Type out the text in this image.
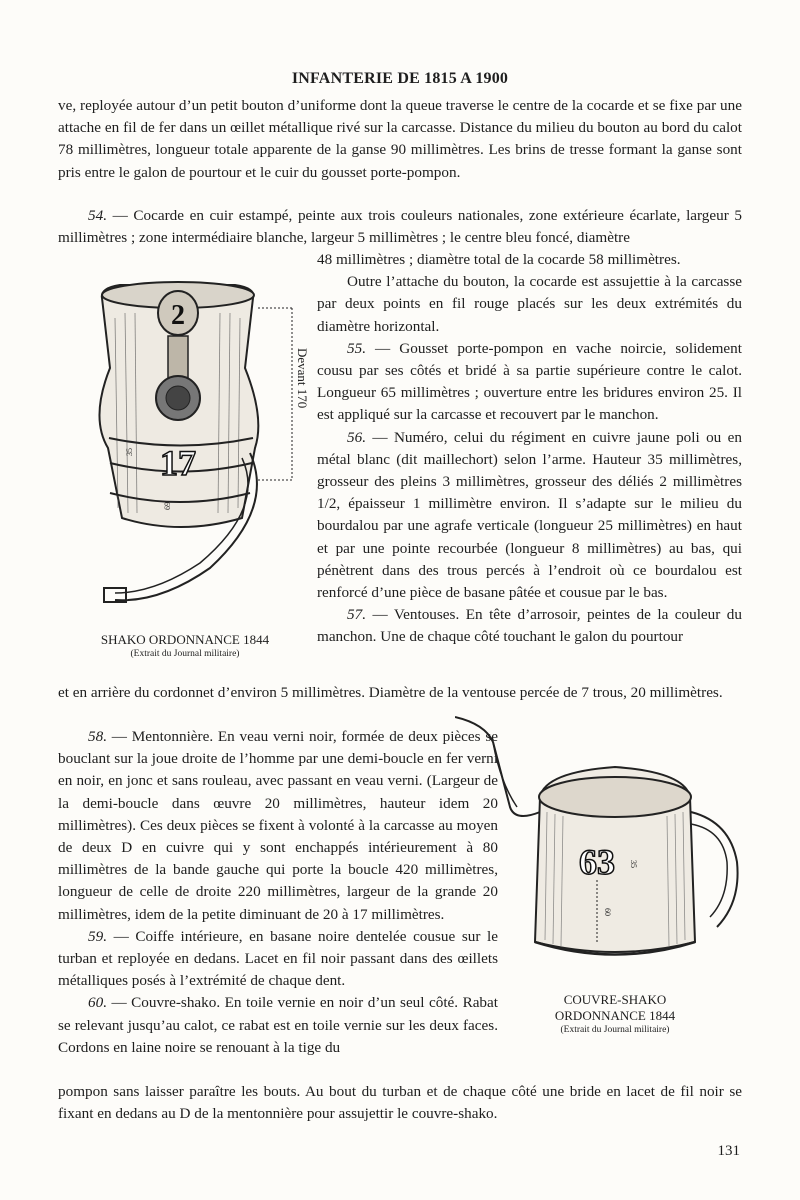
INFANTERIE DE 1815 A 1900

ve, reployée autour d’un petit bouton d’uniforme dont la queue traverse le centre de la cocarde et se fixe par une attache en fil de fer dans un œillet métallique rivé sur la carcasse. Distance du milieu du bouton au bord du calot 78 millimètres, longueur totale apparente de la ganse 90 millimètres. Les brins de tresse formant la ganse sont pris entre le galon de pourtour et le cuir du gousset porte-pompon.

54. — Cocarde en cuir estampé, peinte aux trois couleurs nationales, zone extérieure écarlate, largeur 5 millimètres ; zone intermédiaire blanche, largeur 5 millimètres ; le centre bleu foncé, diamètre

48 millimètres ; diamètre total de la cocarde 58 millimètres.

Outre l’attache du bouton, la cocarde est assujettie à la carcasse par deux points en fil rouge placés sur les deux extrémités du diamètre horizontal.

55. — Gousset porte-pompon en vache noircie, solidement cousu par ses côtés et bridé à sa partie supérieure contre le calot. Longueur 65 millimètres ; ouverture entre les bridures environ 25. Il est appliqué sur la carcasse et recouvert par le manchon.

56. — Numéro, celui du régiment en cuivre jaune poli ou en métal blanc (dit maillechort) selon l’arme. Hauteur 35 millimètres, grosseur des pleins 3 millimètres, grosseur des déliés 2 millimètres 1/2, épaisseur 1 millimètre environ. Il s’adapte sur le milieu du bourdalou par une agrafe verticale (longueur 25 millimètres) en haut et par une pointe recourbée (longueur 8 millimètres) au bas, qui pénètrent dans des trous percés à l’endroit où ce bourdalou est renforcé d’une pièce de basane pâtée et cousue par le bas.

57. — Ventouses. En tête d’arrosoir, peintes de la couleur du manchon. Une de chaque côté touchant le galon du pourtour

2
17
35
69
Devant 170
SHAKO ORDONNANCE 1844
(Extrait du Journal militaire)

et en arrière du cordonnet d’environ 5 millimètres. Diamètre de la ventouse percée de 7 trous, 20 millimètres.

58. — Mentonnière. En veau verni noir, formée de deux pièces se bouclant sur la joue droite de l’homme par une demi-boucle en fer verni en noir, en jonc et sans rouleau, avec passant en veau verni. (Largeur de la demi-boucle dans œuvre 20 millimètres, hauteur idem 20 millimètres). Ces deux pièces se fixent à volonté à la carcasse au moyen de deux D en cuivre qui y sont enchappés intérieurement à 80 millimètres de la bande gauche qui porte la boucle 420 millimètres, longueur de celle de droite 220 millimètres, largeur de la grande 20 millimètres, idem de la petite diminuant de 20 à 17 millimètres.

59. — Coiffe intérieure, en basane noire dentelée cousue sur le turban et reployée en dedans. Lacet en fil noir passant dans des œillets métalliques posés à l’extrémité de chaque dent.

60. — Couvre-shako. En toile vernie en noir d’un seul côté. Rabat se relevant jusqu’au calot, ce rabat est en toile vernie sur les deux faces. Cordons en laine noire se renouant à la tige du

63 35
60
COUVRE-SHAKO
ORDONNANCE 1844
(Extrait du Journal militaire)

pompon sans laisser paraître les bouts. Au bout du turban et de chaque côté une bride en lacet de fil noir se fixant en dedans au D de la mentonnière pour assujettir le couvre-shako.

131
